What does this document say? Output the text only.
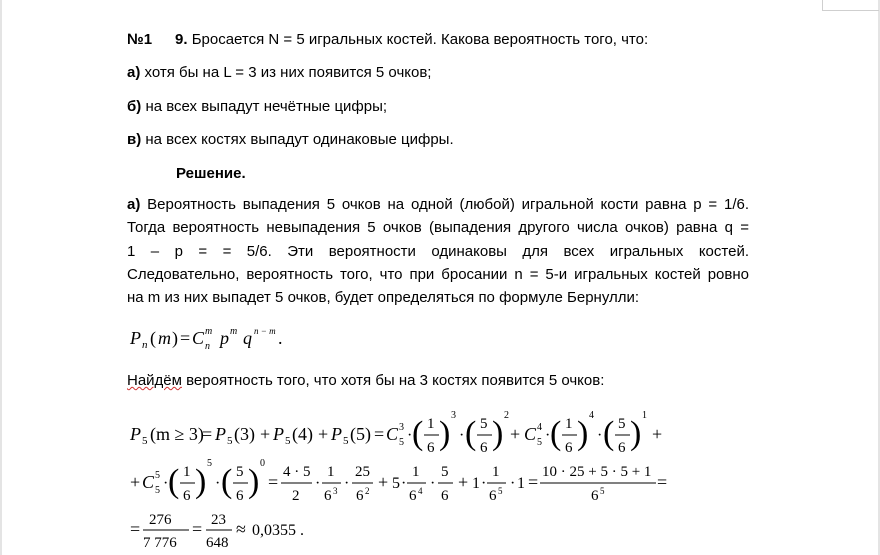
№1 9. Бросается N = 5 игральных костей. Какова вероятность того, что:
а) хотя бы на L = 3 из них появится 5 очков;
б) на всех выпадут нечётные цифры;
в) на всех костях выпадут одинаковые цифры.
Решение.
а) Вероятность выпадения 5 очков на одной (любой) игральной кости равна p = 1/6.
Тогда вероятность невыпадения 5 очков (выпадения другого числа очков) равна q =
1 – p = = 5/6. Эти вероятности одинаковы для всех игральных костей.
Следовательно, вероятность того, что при бросании n = 5-и игральных костей ровно
на m из них выпадет 5 очков, будет определяться по формуле Бернулли:
P n ( m ) = C m
n p m q n − m .
Найдём вероятность того, что хотя бы на 3 костях появится 5 очков:
P 5 (m ≥ 3)
= P 5 (3) + P 5 (4) + P 5 (5) = C 3
5 · ( 1
6 ) 3
· ( 5
6 ) 2
+ C 4
5 · ( 1
6 ) 4
· ( 5
6 ) 1
+
+ C 5
5 · ( 1
6 ) 5
· ( 5
6 ) 0
= 4 · 5
2
·
1
6 3 ·
25
6 2 + 5 ·
1
6 4 ·
5
6
+ 1 ·
1
6 5 · 1 = 10 · 25 + 5 · 5 + 1
6 5	=
= 276
7 776
= 23
648
≈ 0,0355 .
